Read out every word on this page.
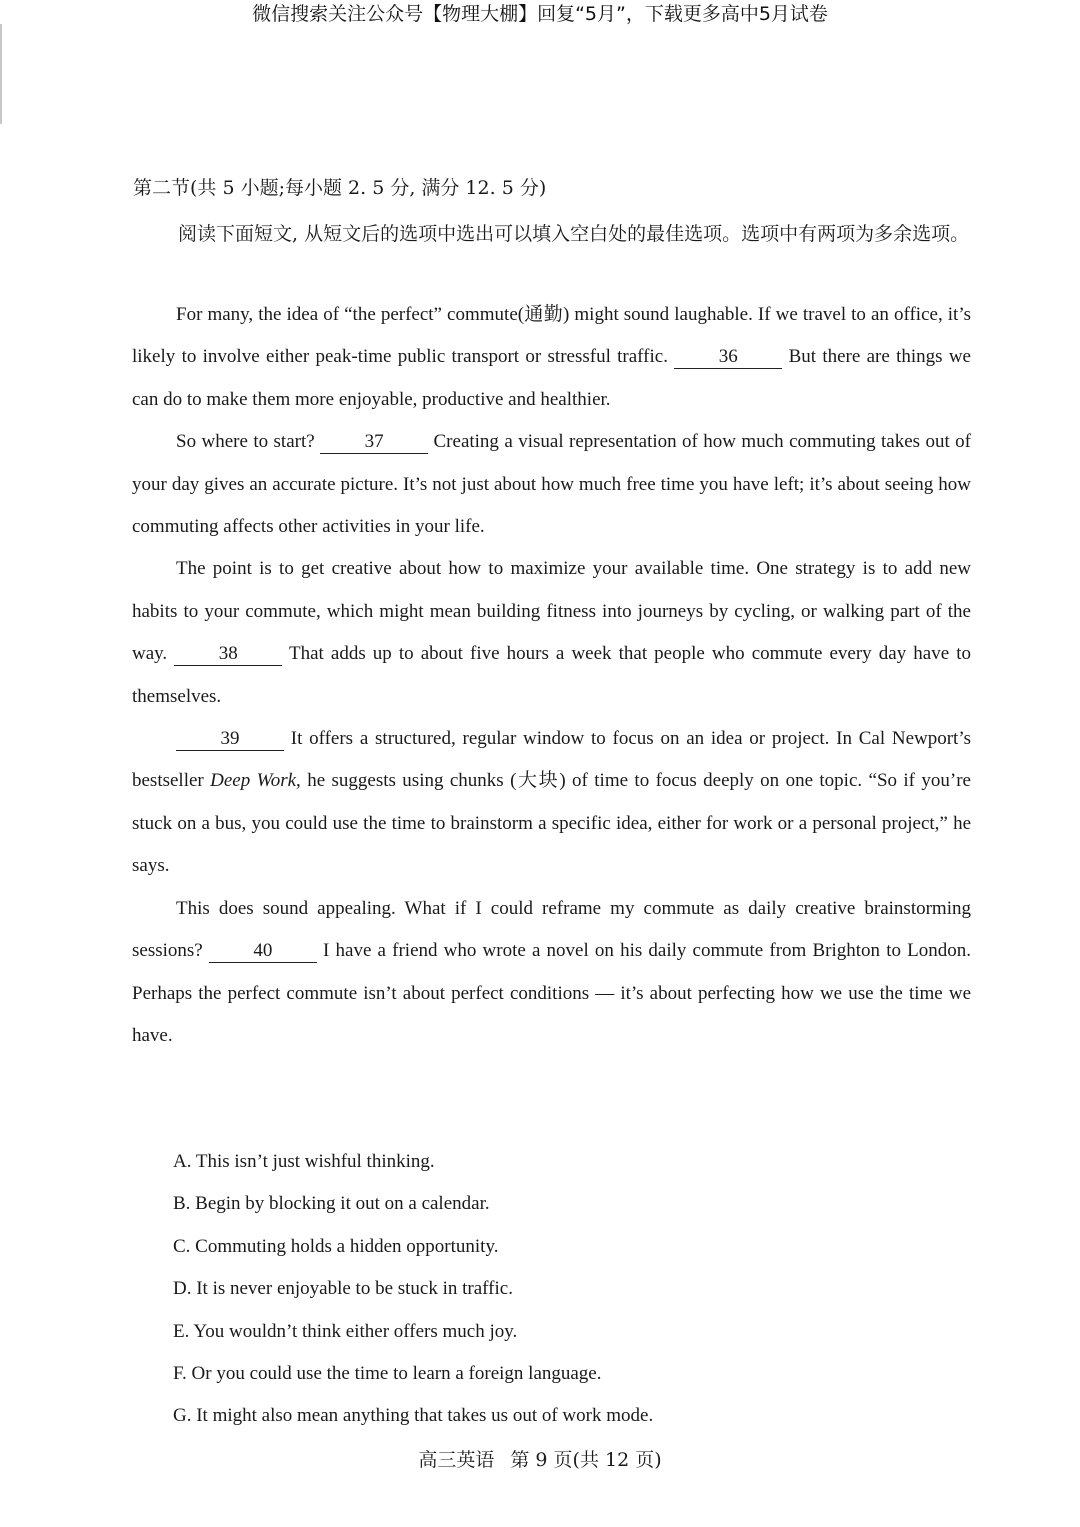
微信搜索关注公众号【物理大棚】回复“5月”，下载更多高中5月试卷
第二节(共 5 小题;每小题 2. 5 分, 满分 12. 5 分)
阅读下面短文, 从短文后的选项中选出可以填入空白处的最佳选项。选项中有两项为多余选项。

For many, the idea of “the perfect” commute(通勤) might sound laughable. If we travel to an office, it’s likely to involve either peak-time public transport or stressful traffic. 36 But there are things we can do to make them more enjoyable, productive and healthier.

So where to start? 37 Creating a visual representation of how much commuting takes out of your day gives an accurate picture. It’s not just about how much free time you have left; it’s about seeing how commuting affects other activities in your life.

The point is to get creative about how to maximize your available time. One strategy is to add new habits to your commute, which might mean building fitness into journeys by cycling, or walking part of the way. 38 That adds up to about five hours a week that people who commute every day have to themselves.

39 It offers a structured, regular window to focus on an idea or project. In Cal Newport’s bestseller Deep Work, he suggests using chunks (大块) of time to focus deeply on one topic. “So if you’re stuck on a bus, you could use the time to brainstorm a specific idea, either for work or a personal project,” he says.

This does sound appealing. What if I could reframe my commute as daily creative brainstorming sessions? 40 I have a friend who wrote a novel on his daily commute from Brighton to London. Perhaps the perfect commute isn’t about perfect conditions — it’s about perfecting how we use the time we have.

A. This isn’t just wishful thinking.
B. Begin by blocking it out on a calendar.
C. Commuting holds a hidden opportunity.
D. It is never enjoyable to be stuck in traffic.
E. You wouldn’t think either offers much joy.
F. Or you could use the time to learn a foreign language.
G. It might also mean anything that takes us out of work mode.
高三英语 第 9 页(共 12 页)
